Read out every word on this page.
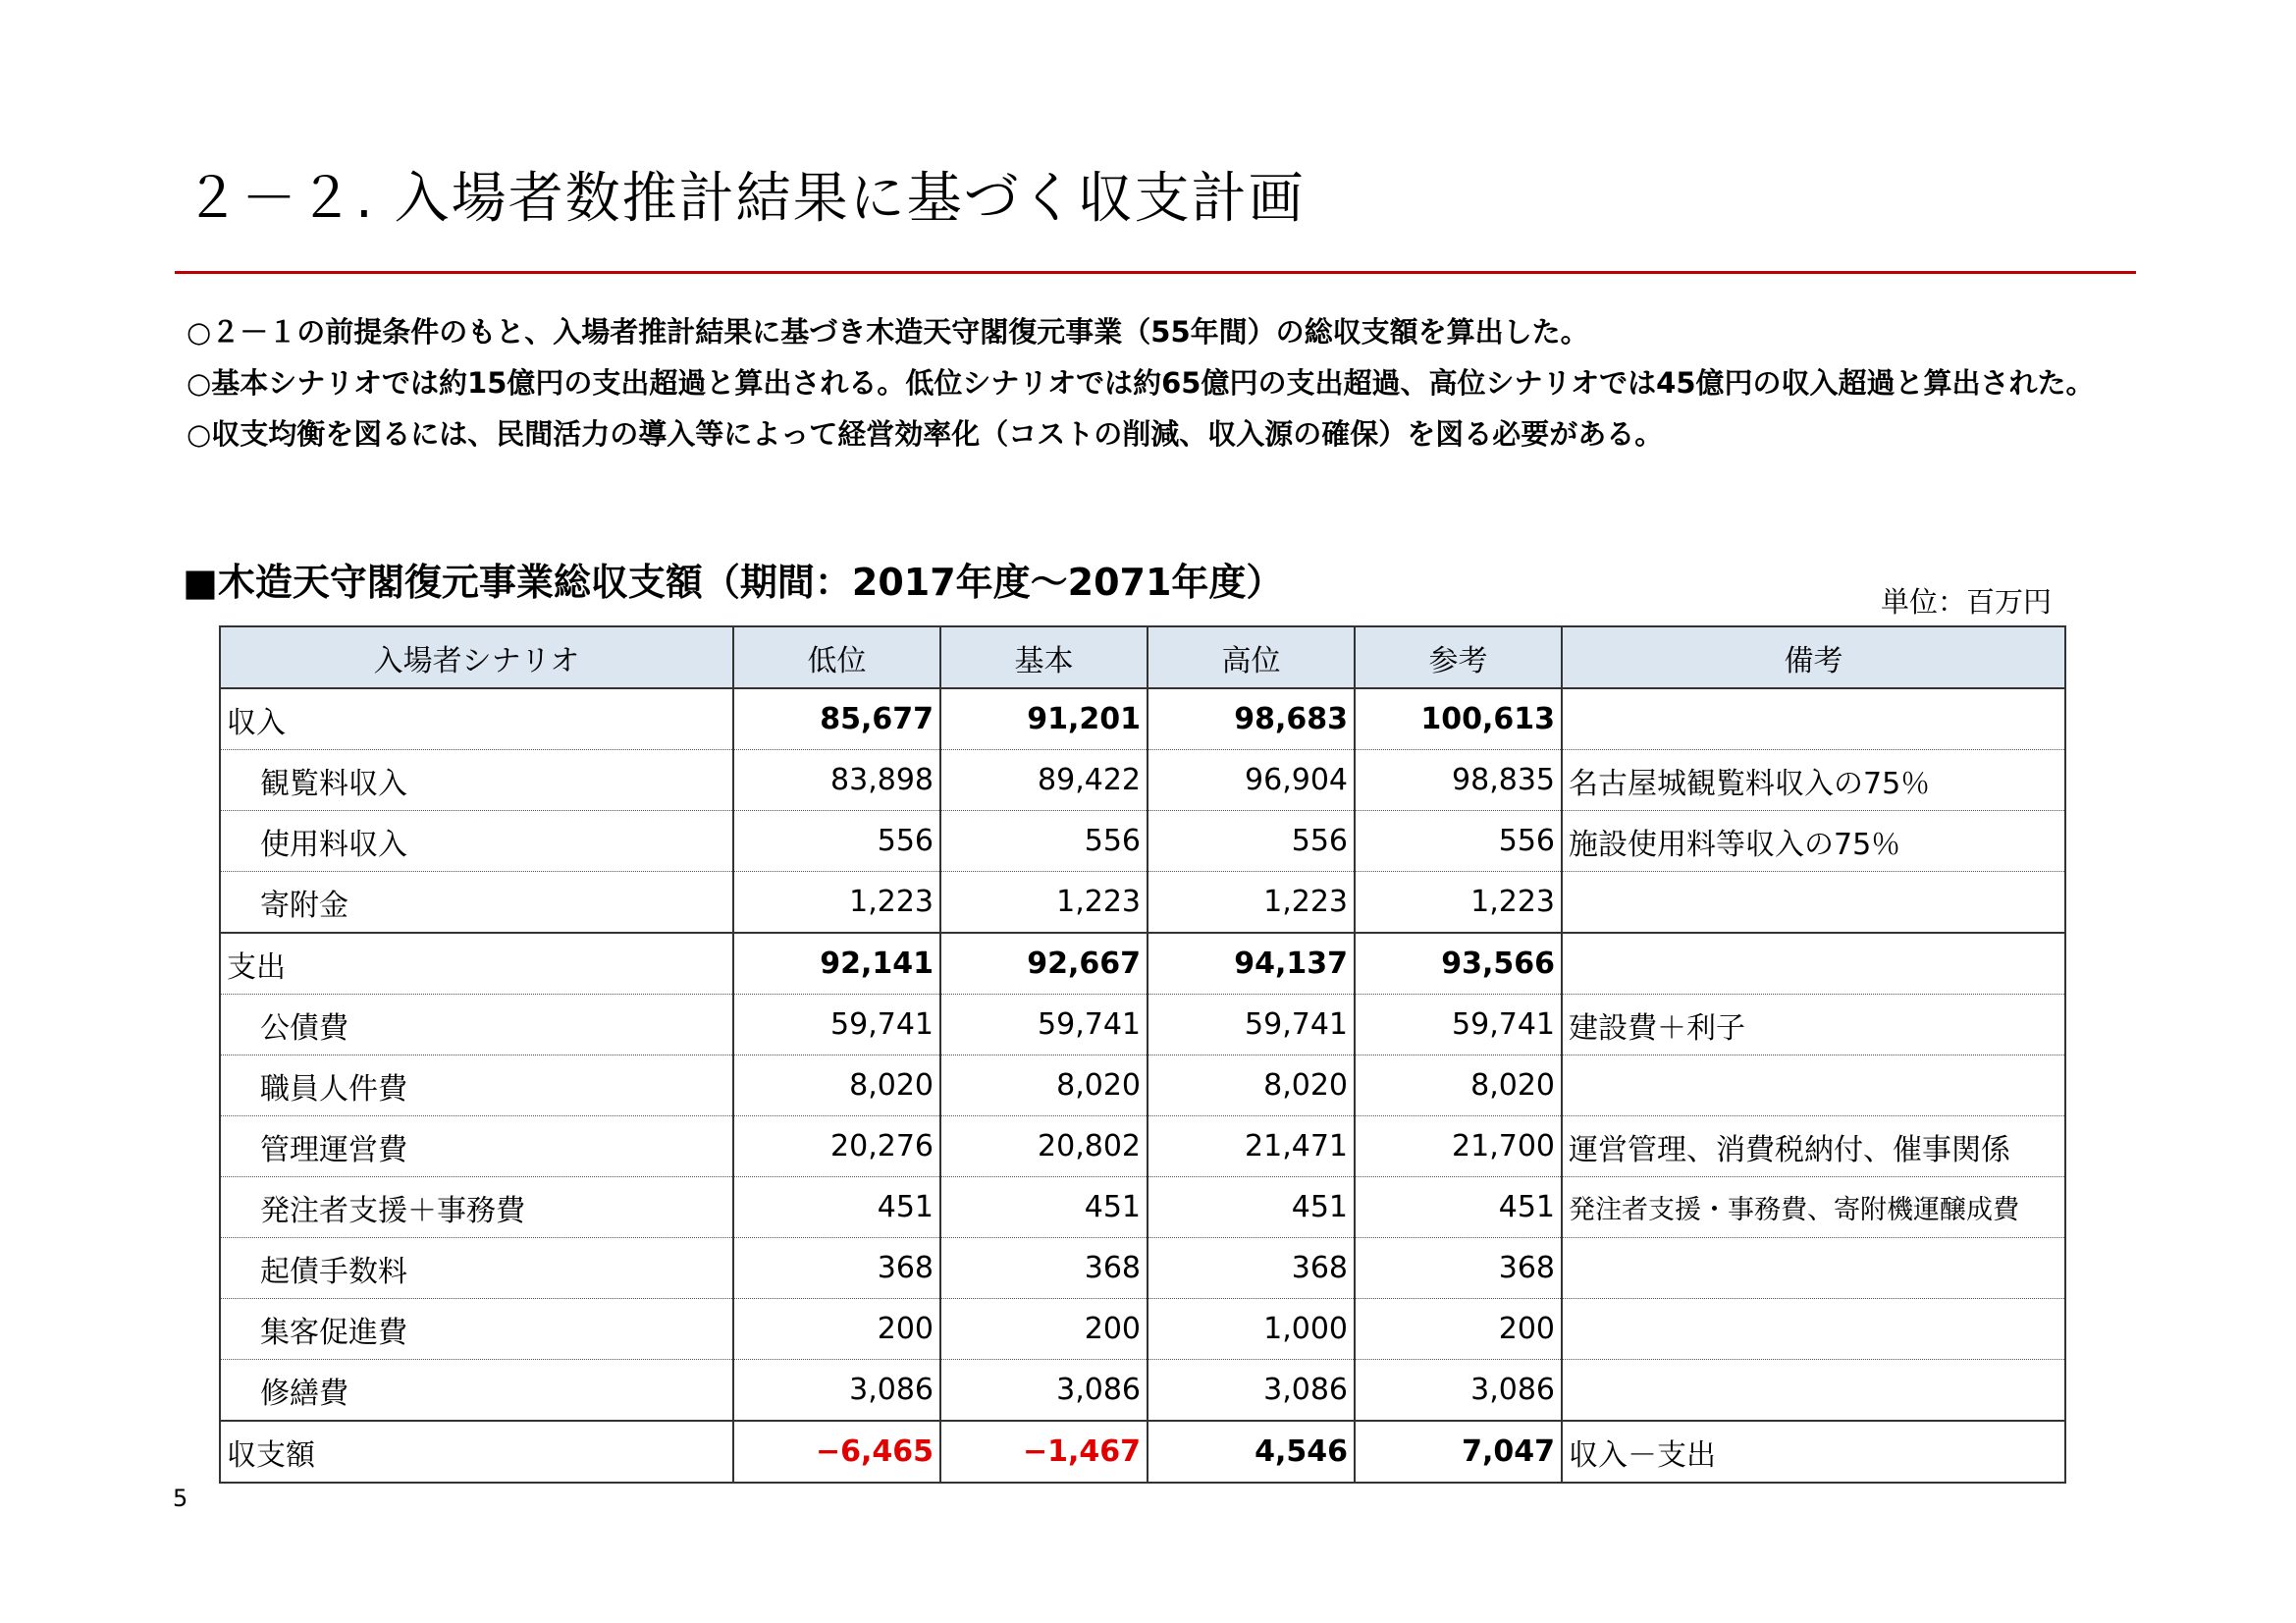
２－２. 入場者数推計結果に基づく収支計画

○２－１の前提条件のもと、入場者推計結果に基づき木造天守閣復元事業（55年間）の総収支額を算出した。

○基本シナリオでは約15億円の支出超過と算出される。低位シナリオでは約65億円の支出超過、高位シナリオでは45億円の収入超過と算出された。

○収支均衡を図るには、民間活力の導入等によって経営効率化（コストの削減、収入源の確保）を図る必要がある。

■木造天守閣復元事業総収支額（期間：2017年度～2071年度）	単位：百万円
入場者シナリオ	低位	基本	高位	参考	備考
収入	85,677	91,201	98,683	100,613	
観覧料収入	83,898	89,422	96,904	98,835	名古屋城観覧料収入の75％
使用料収入	556	556	556	556	施設使用料等収入の75％
寄附金	1,223	1,223	1,223	1,223	
支出	92,141	92,667	94,137	93,566	
公債費	59,741	59,741	59,741	59,741	建設費＋利子
職員人件費	8,020	8,020	8,020	8,020	
管理運営費	20,276	20,802	21,471	21,700	運営管理、消費税納付、催事関係
発注者支援＋事務費	451	451	451	451	発注者支援・事務費、寄附機運醸成費
起債手数料	368	368	368	368	
集客促進費	200	200	1,000	200	
修繕費	3,086	3,086	3,086	3,086	
収支額	−6,465	−1,467	4,546	7,047	収入－支出
5
